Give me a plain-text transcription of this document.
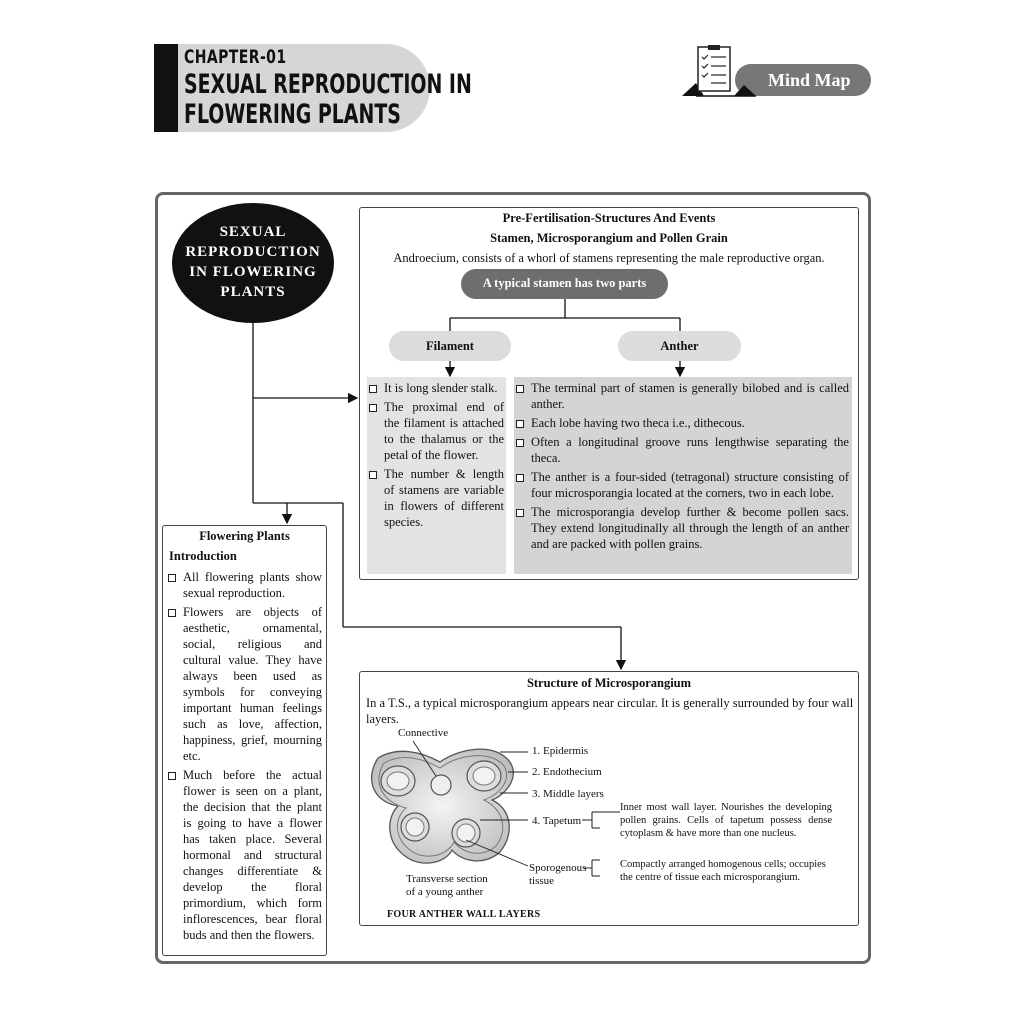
CHAPTER-01
SEXUAL REPRODUCTION IN
FLOWERING PLANTS
Mind Map
SEXUAL
REPRODUCTION
IN FLOWERING
PLANTS
Pre-Fertilisation-Structures And Events
Stamen, Microsporangium and Pollen Grain
Androecium, consists of a whorl of stamens representing the male reproductive organ.
A typical stamen has two parts
Filament	Anther
It is long slender stalk.
The proximal end of the filament is attached to the thalamus or the petal of the flower.
The number & length of stamens are variable in flowers of different species.
The terminal part of stamen is generally bilobed and is called anther.
Each lobe having two theca i.e., dithecous.
Often a longitudinal groove runs lengthwise separating the theca.
The anther is a four-sided (tetragonal) structure consisting of four microsporangia located at the corners, two in each lobe.
The microsporangia develop further & become pollen sacs. They extend longitudinally all through the length of an anther and are packed with pollen grains.
Flowering Plants
Introduction
All flowering plants show sexual reproduction.
Flowers are objects of aesthetic, ornamental, social, religious and cultural value. They have always been used as symbols for conveying important human feelings such as love, affection, happiness, grief, mourning etc.
Much before the actual flower is seen on a plant, the decision that the plant is going to have a flower has taken place. Several hormonal and structural changes differentiate & develop the floral primordium, which form inflorescences, bear floral buds and then the flowers.
Structure of Microsporangium
In a T.S., a typical microsporangium appears near circular. It is generally surrounded by four wall layers.
Connective
1. Epidermis
2. Endothecium
3. Middle layers
4. Tapetum
Sporogenous tissue
Transverse section of a young anther
Inner most wall layer. Nourishes the developing pollen grains. Cells of tapetum possess dense cytoplasm & have more than one nucleus.
Compactly arranged homogenous cells; occupies the centre of tissue each microsporangium.
FOUR ANTHER WALL LAYERS
